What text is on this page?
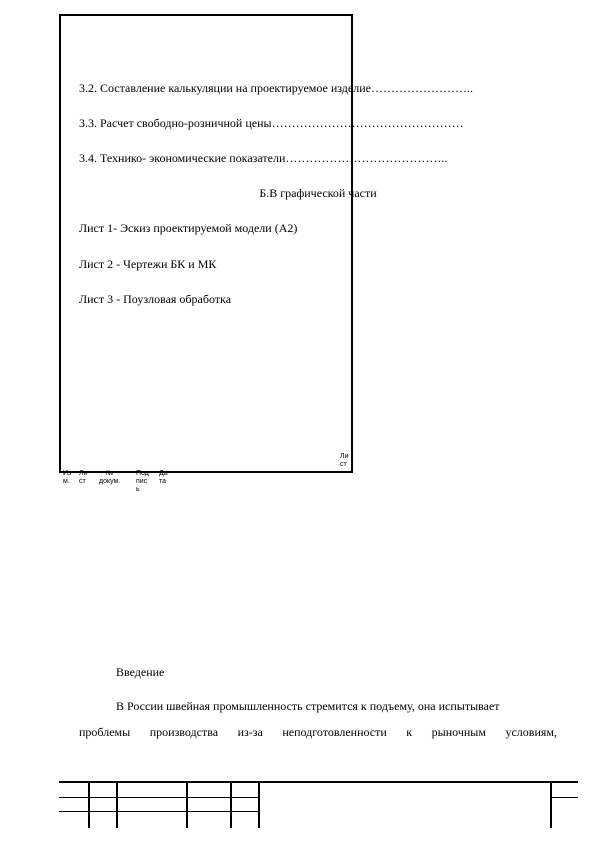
3.2. Составление калькуляции на проектируемое изделие……………………..
3.3. Расчет свободно-розничной цены…………………………………………
3.4. Технико- экономические показатели…………………………………..
Б.В графической части
Лист 1- Эскиз проектируемой модели (А2)
Лист 2 - Чертежи БК и МК
Лист 3 - Поузловая обработка
Ли
ст
Из
м.
Ли
ст
№
докум.
Под
пис
ь
Да
та
Введение
В России швейная промышленность стремится к подъему, она испытывает
проблемы производства из-за неподготовленности к рыночным условиям,
